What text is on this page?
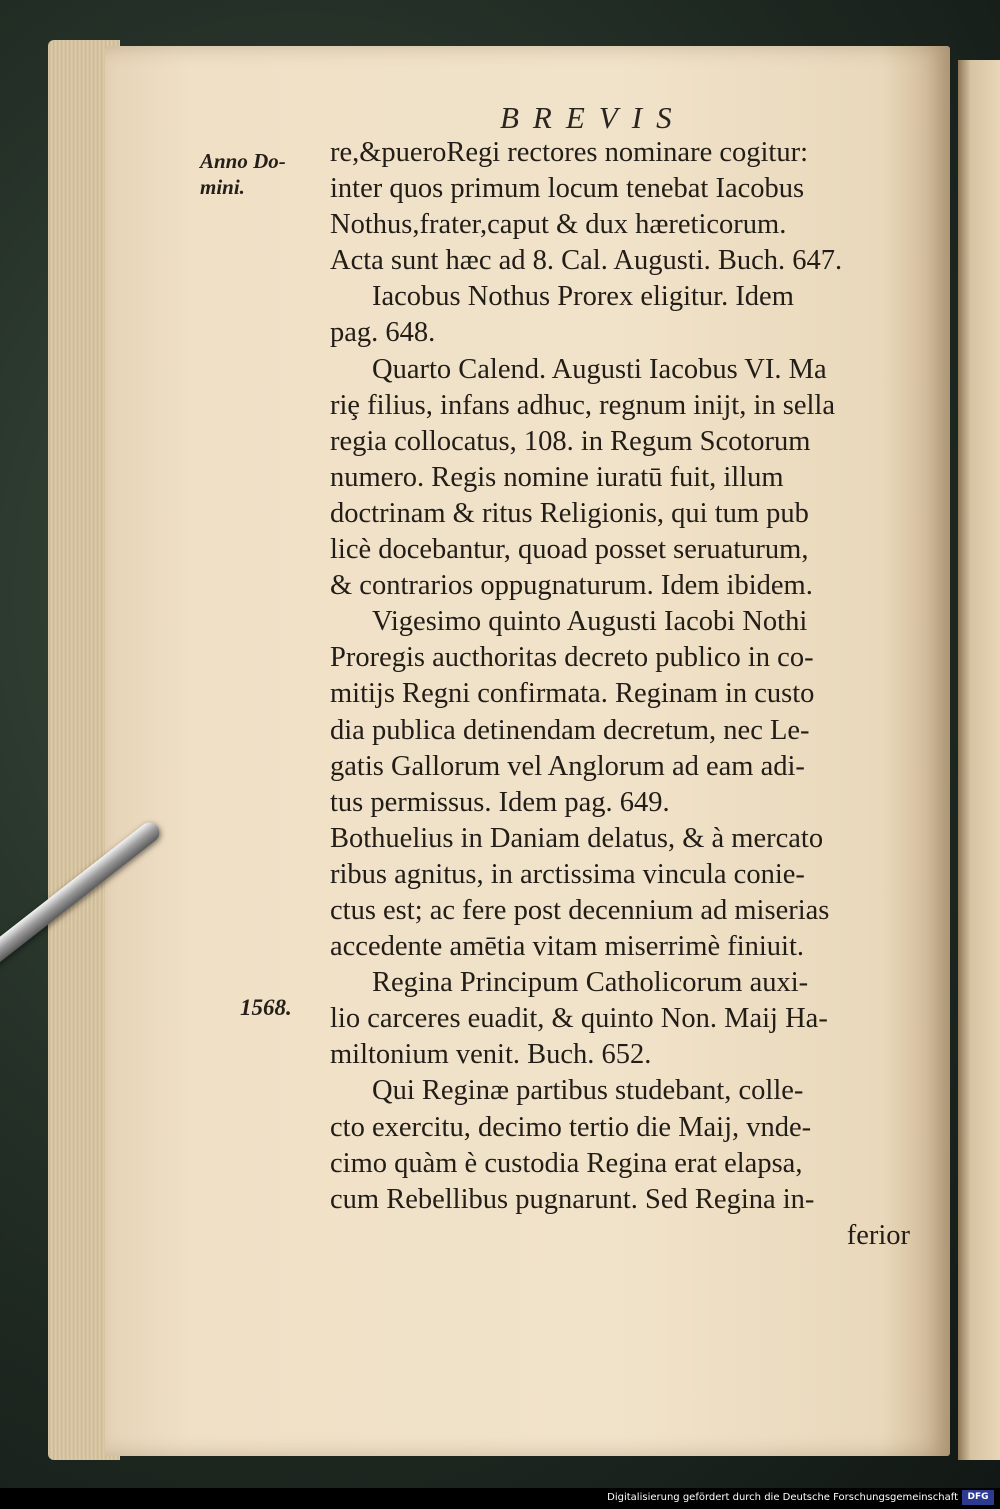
BREVIS
Anno Do-
mini.
1568.
re,&pueroRegi rectores nominare cogitur:
inter quos primum locum tenebat Iacobus
Nothus,frater,caput & dux hæreticorum.
Acta sunt hæc ad 8. Cal. Augusti. Buch. 647.
Iacobus Nothus Prorex eligitur. Idem
pag. 648.
Quarto Calend. Augusti Iacobus VI. Ma
riȩ filius, infans adhuc, regnum inijt, in sella
regia collocatus, 108. in Regum Scotorum
numero. Regis nomine iuratū fuit, illum
doctrinam & ritus Religionis, qui tum pub
licè docebantur, quoad posset seruaturum,
& contrarios oppugnaturum. Idem ibidem.
Vigesimo quinto Augusti Iacobi Nothi
Proregis aucthoritas decreto publico in co-
mitijs Regni confirmata. Reginam in custo
dia publica detinendam decretum, nec Le-
gatis Gallorum vel Anglorum ad eam adi-
tus permissus. Idem pag. 649.
Bothuelius in Daniam delatus, & à mercato
ribus agnitus, in arctissima vincula conie-
ctus est; ac fere post decennium ad miserias
accedente amētia vitam miserrimè finiuit.
Regina Principum Catholicorum auxi-
lio carceres euadit, & quinto Non. Maij Ha-
miltonium venit. Buch. 652.
Qui Reginæ partibus studebant, colle-
cto exercitu, decimo tertio die Maij, vnde-
cimo quàm è custodia Regina erat elapsa,
cum Rebellibus pugnarunt. Sed Regina in-
ferior
Digitalisierung gefördert durch die Deutsche Forschungsgemeinschaft	DFG
